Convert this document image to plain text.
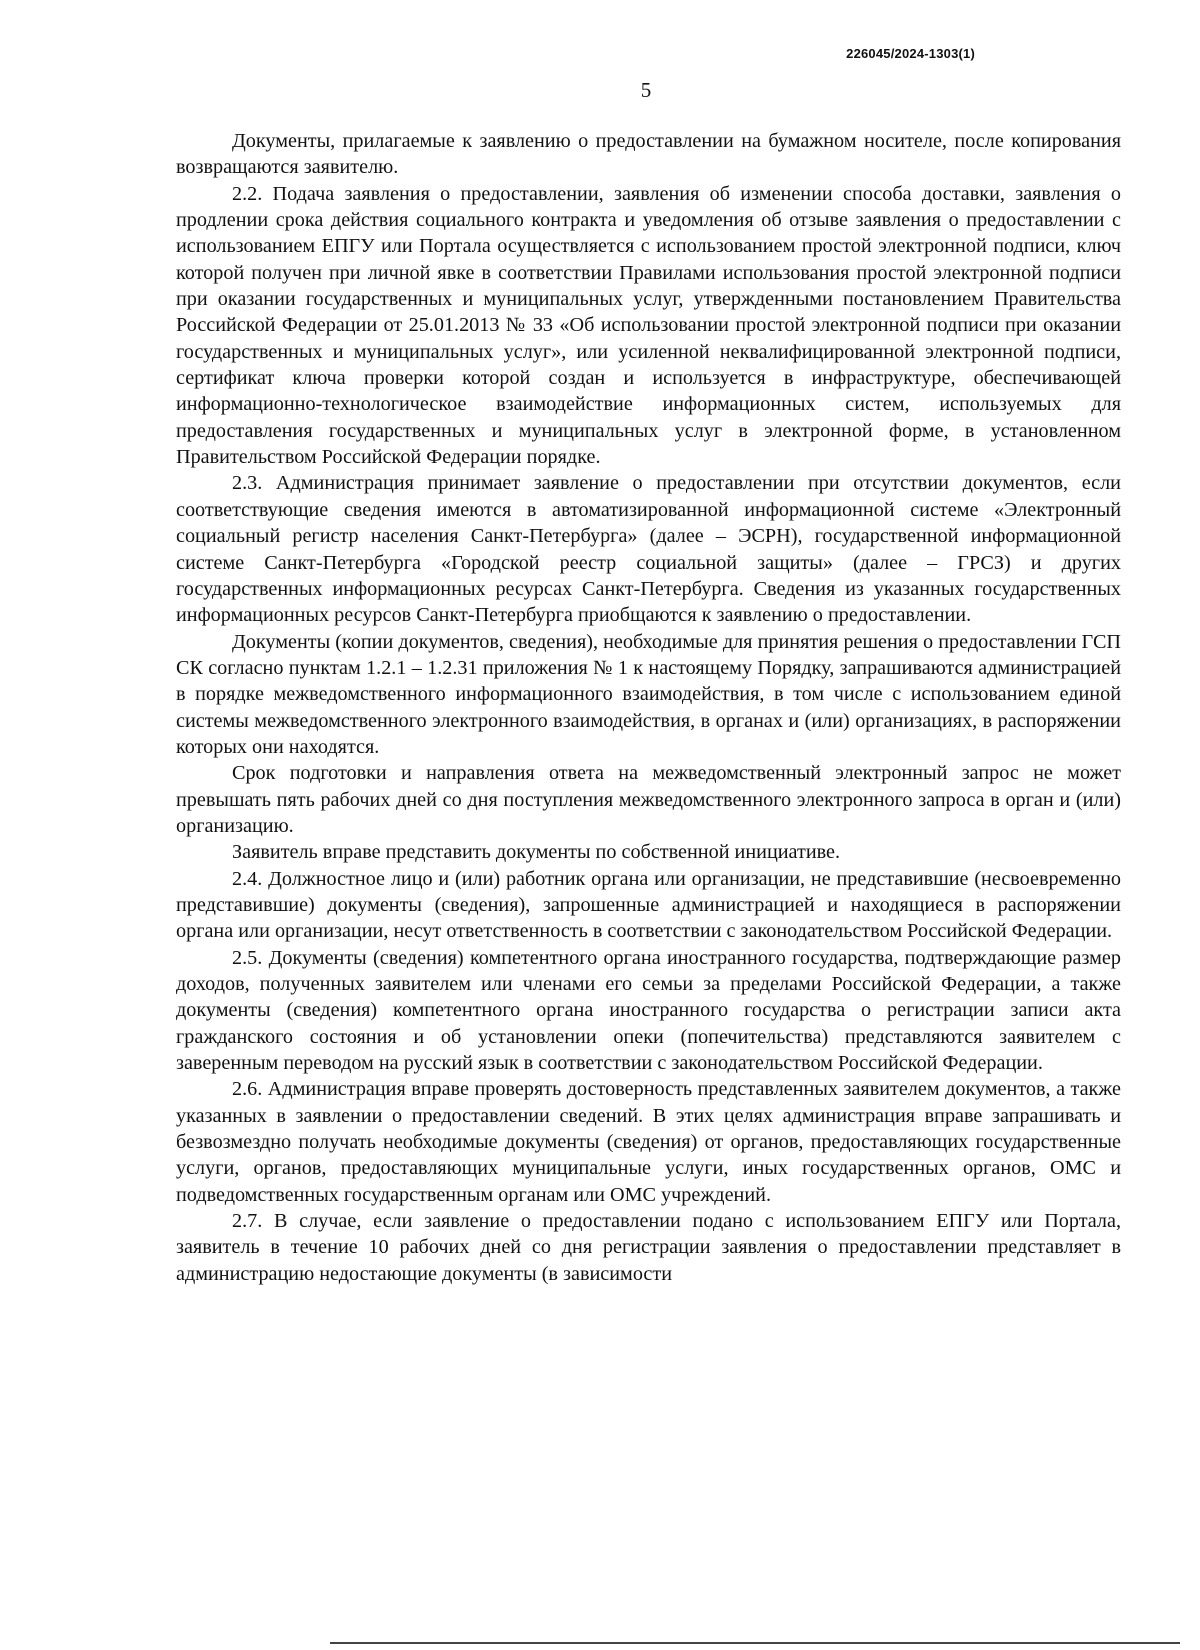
226045/2024-1303(1)
5

Документы, прилагаемые к заявлению о предоставлении на бумажном носителе, после копирования возвращаются заявителю.

2.2. Подача заявления о предоставлении, заявления об изменении способа доставки, заявления о продлении срока действия социального контракта и уведомления об отзыве заявления о предоставлении с использованием ЕПГУ или Портала осуществляется с использованием простой электронной подписи, ключ которой получен при личной явке в соответствии Правилами использования простой электронной подписи при оказании государственных и муниципальных услуг, утвержденными постановлением Правительства Российской Федерации от 25.01.2013 № 33 «Об использовании простой электронной подписи при оказании государственных и муниципальных услуг», или усиленной неквалифицированной электронной подписи, сертификат ключа проверки которой создан и используется в инфраструктуре, обеспечивающей информационно-технологическое взаимодействие информационных систем, используемых для предоставления государственных и муниципальных услуг в электронной форме, в установленном Правительством Российской Федерации порядке.

2.3. Администрация принимает заявление о предоставлении при отсутствии документов, если соответствующие сведения имеются в автоматизированной информационной системе «Электронный социальный регистр населения Санкт-Петербурга» (далее – ЭСРН), государственной информационной системе Санкт-Петербурга «Городской реестр социальной защиты» (далее – ГРСЗ) и других государственных информационных ресурсах Санкт-Петербурга. Сведения из указанных государственных информационных ресурсов Санкт-Петербурга приобщаются к заявлению о предоставлении.

Документы (копии документов, сведения), необходимые для принятия решения о предоставлении ГСП СК согласно пунктам 1.2.1 – 1.2.31 приложения № 1 к настоящему Порядку, запрашиваются администрацией в порядке межведомственного информационного взаимодействия, в том числе с использованием единой системы межведомственного электронного взаимодействия, в органах и (или) организациях, в распоряжении которых они находятся.

Срок подготовки и направления ответа на межведомственный электронный запрос не может превышать пять рабочих дней со дня поступления межведомственного электронного запроса в орган и (или) организацию.

Заявитель вправе представить документы по собственной инициативе.

2.4. Должностное лицо и (или) работник органа или организации, не представившие (несвоевременно представившие) документы (сведения), запрошенные администрацией и находящиеся в распоряжении органа или организации, несут ответственность в соответствии с законодательством Российской Федерации.

2.5. Документы (сведения) компетентного органа иностранного государства, подтверждающие размер доходов, полученных заявителем или членами его семьи за пределами Российской Федерации, а также документы (сведения) компетентного органа иностранного государства о регистрации записи акта гражданского состояния и об установлении опеки (попечительства) представляются заявителем с заверенным переводом на русский язык в соответствии с законодательством Российской Федерации.

2.6. Администрация вправе проверять достоверность представленных заявителем документов, а также указанных в заявлении о предоставлении сведений. В этих целях администрация вправе запрашивать и безвозмездно получать необходимые документы (сведения) от органов, предоставляющих государственные услуги, органов, предоставляющих муниципальные услуги, иных государственных органов, ОМС и подведомственных государственным органам или ОМС учреждений.

2.7. В случае, если заявление о предоставлении подано с использованием ЕПГУ или Портала, заявитель в течение 10 рабочих дней со дня регистрации заявления о предоставлении представляет в администрацию недостающие документы (в зависимости
